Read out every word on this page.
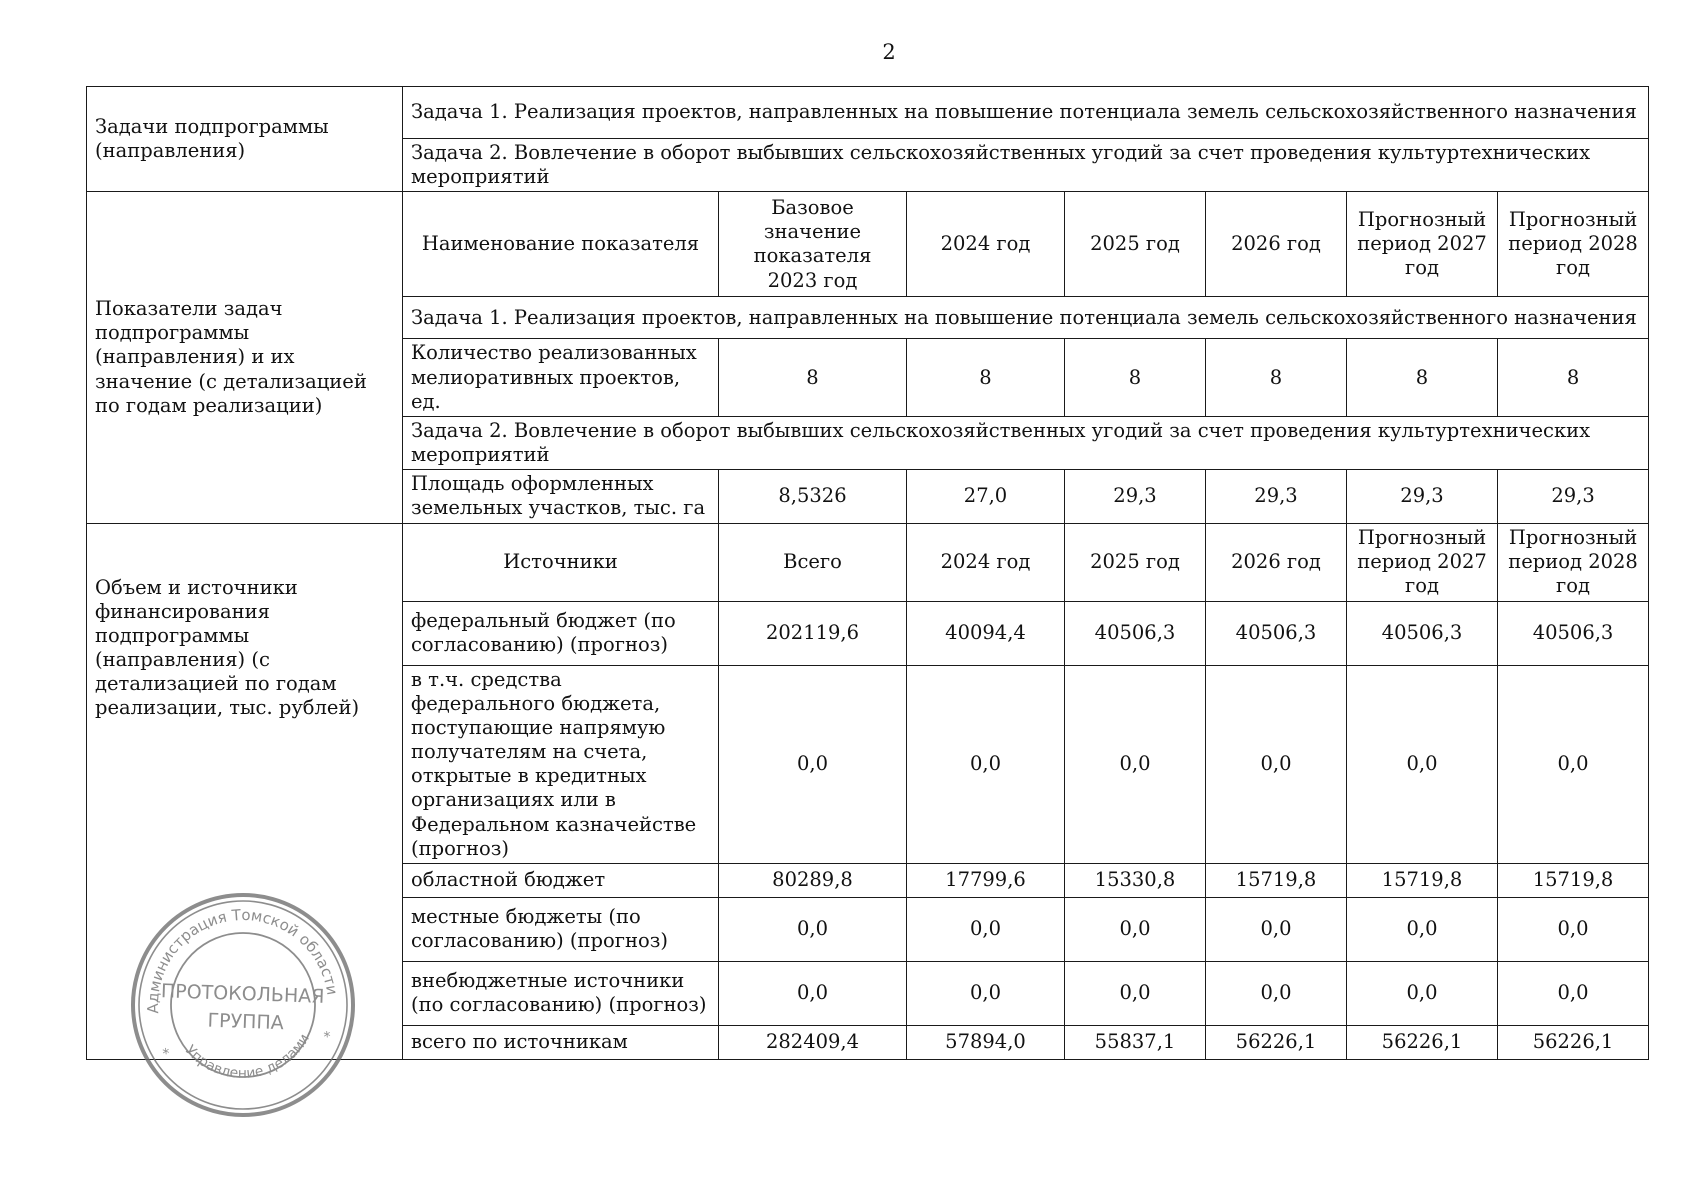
2
Задачи подпрограммы (направления)	Задача 1. Реализация проектов, направленных на повышение потенциала земель сельскохозяйственного назначения						
	Задача 2. Вовлечение в оборот выбывших сельскохозяйственных угодий за счет проведения культуртехнических мероприятий						
Показатели задач подпрограммы (направления) и их значение (с детализацией по годам реализации)	Наименование показателя	Базовое значение показателя 2023 год	2024 год	2025 год	2026 год	Прогнозный период 2027 год	Прогнозный период 2028 год
	Задача 1. Реализация проектов, направленных на повышение потенциала земель сельскохозяйственного назначения						
	Количество реализованных мелиоративных проектов, ед.	8	8	8	8	8	8
	Задача 2. Вовлечение в оборот выбывших сельскохозяйственных угодий за счет проведения культуртехнических мероприятий						
	Площадь оформленных земельных участков, тыс. га	8,5326	27,0	29,3	29,3	29,3	29,3
Объем и источники финансирования подпрограммы (направления) (с детализацией по годам реализации, тыс. рублей)	Источники	Всего	2024 год	2025 год	2026 год	Прогнозный период 2027 год	Прогнозный период 2028 год
	федеральный бюджет (по согласованию) (прогноз)	202119,6	40094,4	40506,3	40506,3	40506,3	40506,3
	в т.ч. средства федерального бюджета, поступающие напрямую получателям на счета, открытые в кредитных организациях или в Федеральном казначействе (прогноз)	0,0	0,0	0,0	0,0	0,0	0,0
	областной бюджет	80289,8	17799,6	15330,8	15719,8	15719,8	15719,8
	местные бюджеты (по согласованию) (прогноз)	0,0	0,0	0,0	0,0	0,0	0,0
	внебюджетные источники (по согласованию) (прогноз)	0,0	0,0	0,0	0,0	0,0	0,0
	всего по источникам	282409,4	57894,0	55837,1	56226,1	56226,1	56226,1
Администрация Томской области
Управление делами
*
*
ПРОТОКОЛЬНАЯ
ГРУППА
